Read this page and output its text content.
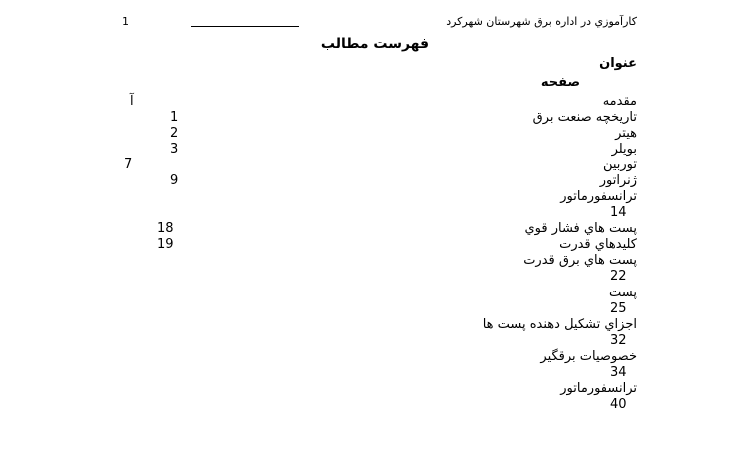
كارآموزي در اداره برق شهرستان شهركرد
1
فهرست مطالب
عنوان
صفحه
مقدمه
آ
تاريخچه صنعت برق
1
هيتر
2
بويلر
3
توربين
7
ژنراتور
9
ترانسفورماتور
14
پست هاي فشار قوي
18
كليدهاي قدرت
19
پست هاي برق قدرت
22
پست
25
اجزاي تشكيل دهنده پست ها
32
خصوصيات برقگير
34
ترانسفورماتور
40
